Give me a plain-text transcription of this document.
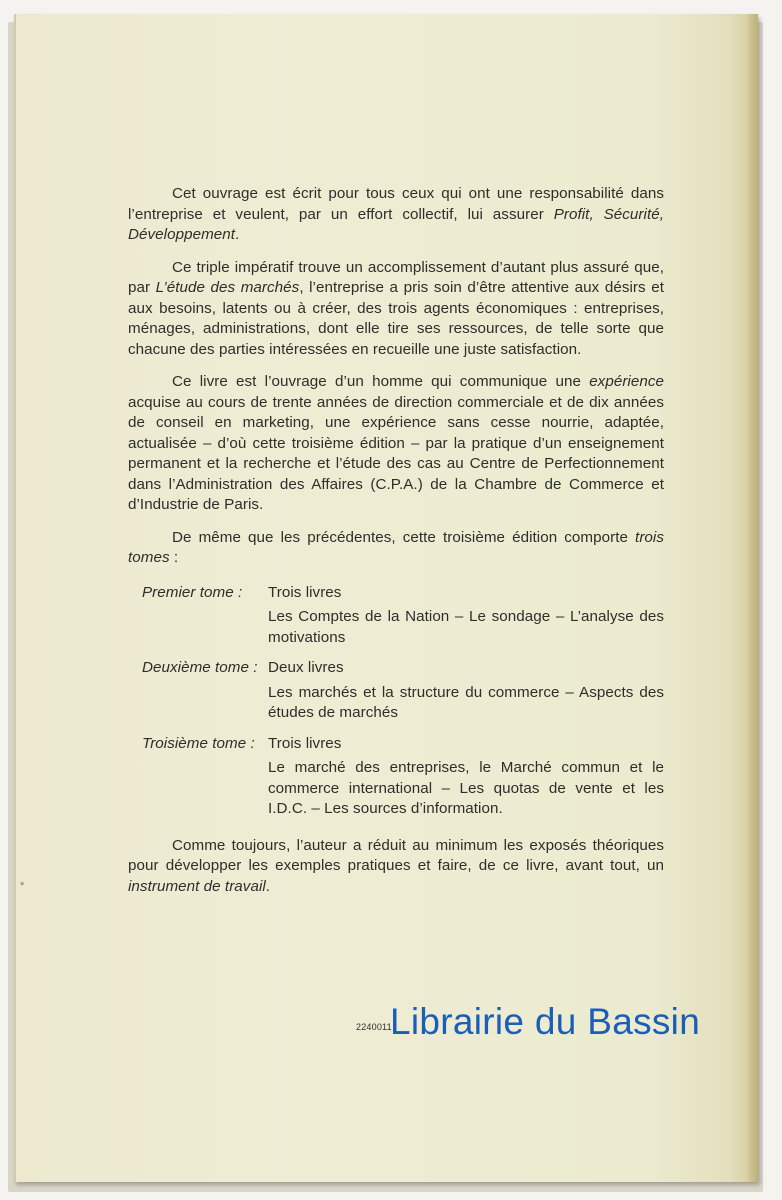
Cet ouvrage est écrit pour tous ceux qui ont une responsabilité dans l’entreprise et veulent, par un effort collectif, lui assurer Profit, Sécurité, Développement.

Ce triple impératif trouve un accomplissement d’autant plus assuré que, par L’étude des marchés, l’entreprise a pris soin d’être attentive aux désirs et aux besoins, latents ou à créer, des trois agents économiques : entreprises, ménages, administrations, dont elle tire ses ressources, de telle sorte que chacune des parties intéressées en recueille une juste satisfaction.

Ce livre est l’ouvrage d’un homme qui communique une expérience acquise au cours de trente années de direction commerciale et de dix années de conseil en marketing, une expérience sans cesse nourrie, adaptée, actualisée – d’où cette troisième édition – par la pratique d’un enseignement permanent et la recherche et l’étude des cas au Centre de Perfectionnement dans l’Administration des Affaires (C.P.A.) de la Chambre de Commerce et d’Industrie de Paris.

De même que les précédentes, cette troisième édition comporte trois tomes :

Premier tome :	Trois livres
Les Comptes de la Nation – Le sondage – L’analyse des motivations
Deuxième tome : Deux livres
Les marchés et la structure du commerce – Aspects des études de marchés
Troisième tome : Trois livres
Le marché des entreprises, le Marché commun et le commerce international – Les quotas de vente et les I.D.C. – Les sources d’information.

Comme toujours, l’auteur a réduit au minimum les exposés théoriques pour développer les exemples pratiques et faire, de ce livre, avant tout, un instrument de travail.

*
2240011
Librairie du Bassin
